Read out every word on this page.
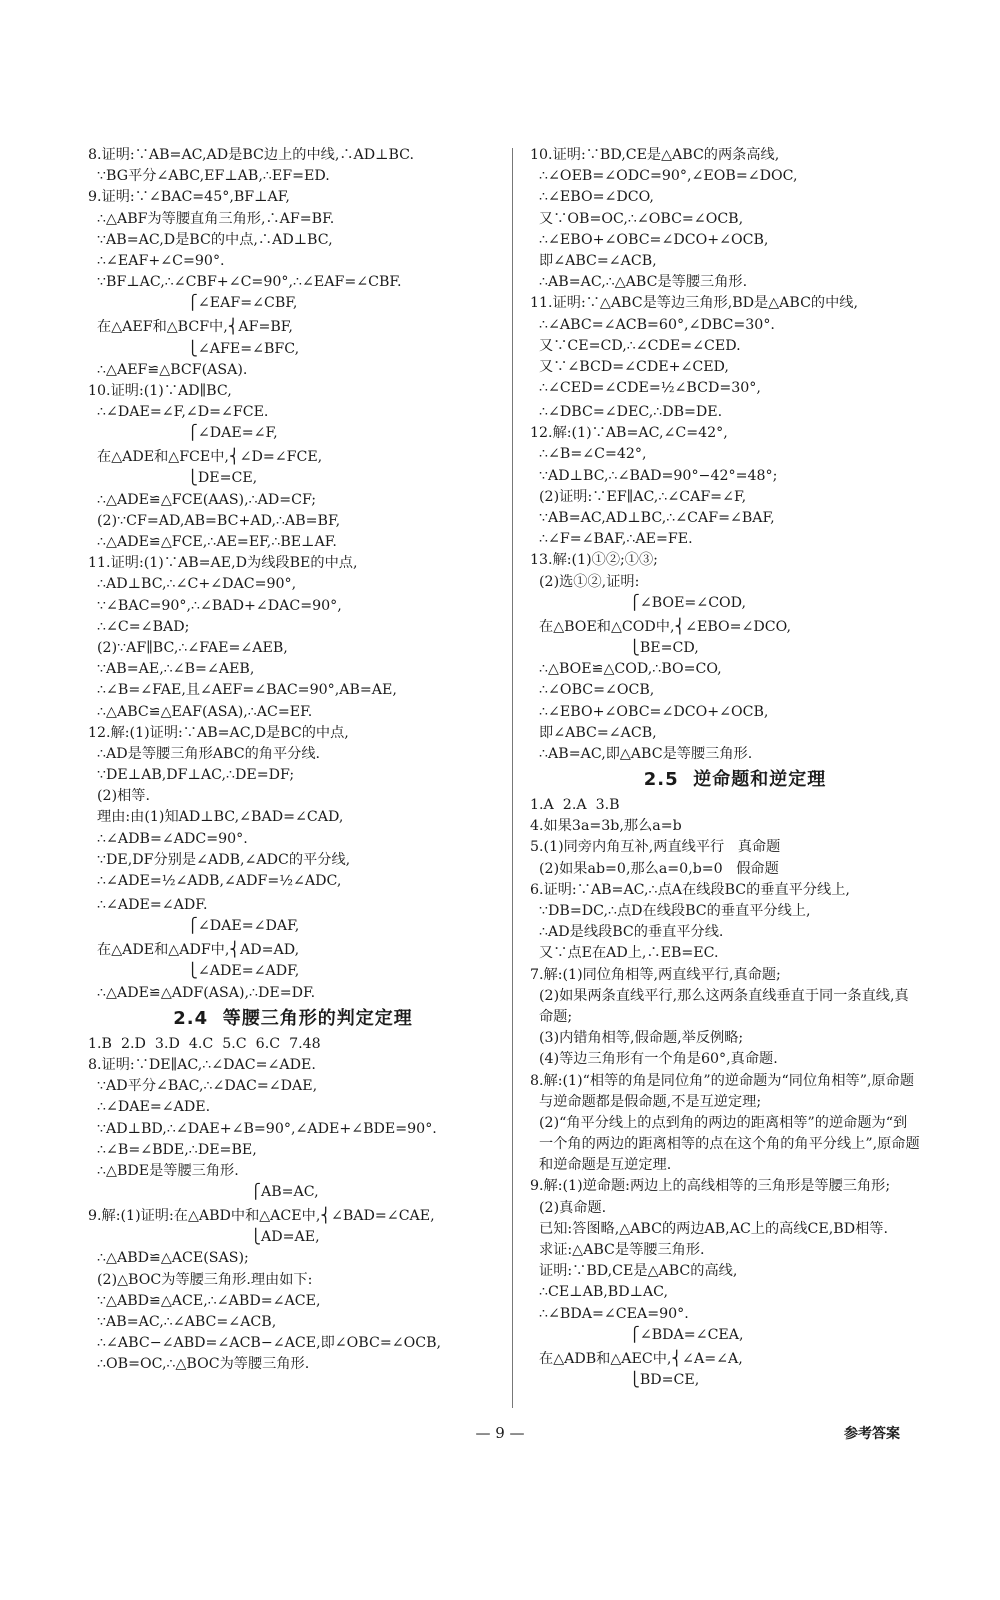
8.证明:∵AB=AC,AD是BC边上的中线,∴AD⊥BC.
∵BG平分∠ABC,EF⊥AB,∴EF=ED.
9.证明:∵∠BAC=45°,BF⊥AF,
∴△ABF为等腰直角三角形,∴AF=BF.
∵AB=AC,D是BC的中点,∴AD⊥BC,
∴∠EAF+∠C=90°.
∵BF⊥AC,∴∠CBF+∠C=90°,∴∠EAF=∠CBF.
⎧∠EAF=∠CBF,
在△AEF和△BCF中,⎨AF=BF,
⎩∠AFE=∠BFC,
∴△AEF≌△BCF(ASA).
10.证明:(1)∵AD∥BC,
∴∠DAE=∠F,∠D=∠FCE.
⎧∠DAE=∠F,
在△ADE和△FCE中,⎨∠D=∠FCE,
⎩DE=CE,
∴△ADE≌△FCE(AAS),∴AD=CF;
(2)∵CF=AD,AB=BC+AD,∴AB=BF,
∴△ADE≌△FCE,∴AE=EF,∴BE⊥AF.
11.证明:(1)∵AB=AE,D为线段BE的中点,
∴AD⊥BC,∴∠C+∠DAC=90°,
∵∠BAC=90°,∴∠BAD+∠DAC=90°,
∴∠C=∠BAD;
(2)∵AF∥BC,∴∠FAE=∠AEB,
∵AB=AE,∴∠B=∠AEB,
∴∠B=∠FAE,且∠AEF=∠BAC=90°,AB=AE,
∴△ABC≌△EAF(ASA),∴AC=EF.
12.解:(1)证明:∵AB=AC,D是BC的中点,
∴AD是等腰三角形ABC的角平分线.
∵DE⊥AB,DF⊥AC,∴DE=DF;
(2)相等.
理由:由(1)知AD⊥BC,∠BAD=∠CAD,
∴∠ADB=∠ADC=90°.
∵DE,DF分别是∠ADB,∠ADC的平分线,
∴∠ADE=½∠ADB,∠ADF=½∠ADC,
∴∠ADE=∠ADF.
⎧∠DAE=∠DAF,
在△ADE和△ADF中,⎨AD=AD,
⎩∠ADE=∠ADF,
∴△ADE≌△ADF(ASA),∴DE=DF.
2.4  等腰三角形的判定定理
1.B  2.D  3.D  4.C  5.C  6.C  7.48
8.证明:∵DE∥AC,∴∠DAC=∠ADE.
∵AD平分∠BAC,∴∠DAC=∠DAE,
∴∠DAE=∠ADE.
∵AD⊥BD,∴∠DAE+∠B=90°,∠ADE+∠BDE=90°.
∴∠B=∠BDE,∴DE=BE,
∴△BDE是等腰三角形.
⎧AB=AC,
9.解:(1)证明:在△ABD中和△ACE中,⎨∠BAD=∠CAE,
⎩AD=AE,
∴△ABD≌△ACE(SAS);
(2)△BOC为等腰三角形.理由如下:
∵△ABD≌△ACE,∴∠ABD=∠ACE,
∵AB=AC,∴∠ABC=∠ACB,
∴∠ABC−∠ABD=∠ACB−∠ACE,即∠OBC=∠OCB,
∴OB=OC,∴△BOC为等腰三角形.
10.证明:∵BD,CE是△ABC的两条高线,
∴∠OEB=∠ODC=90°,∠EOB=∠DOC,
∴∠EBO=∠DCO,
又∵OB=OC,∴∠OBC=∠OCB,
∴∠EBO+∠OBC=∠DCO+∠OCB,
即∠ABC=∠ACB,
∴AB=AC,∴△ABC是等腰三角形.
11.证明:∵△ABC是等边三角形,BD是△ABC的中线,
∴∠ABC=∠ACB=60°,∠DBC=30°.
又∵CE=CD,∴∠CDE=∠CED.
又∵∠BCD=∠CDE+∠CED,
∴∠CED=∠CDE=½∠BCD=30°,
∴∠DBC=∠DEC,∴DB=DE.
12.解:(1)∵AB=AC,∠C=42°,
∴∠B=∠C=42°,
∵AD⊥BC,∴∠BAD=90°−42°=48°;
(2)证明:∵EF∥AC,∴∠CAF=∠F,
∵AB=AC,AD⊥BC,∴∠CAF=∠BAF,
∴∠F=∠BAF,∴AE=FE.
13.解:(1)①②;①③;
(2)选①②,证明:
⎧∠BOE=∠COD,
在△BOE和△COD中,⎨∠EBO=∠DCO,
⎩BE=CD,
∴△BOE≌△COD,∴BO=CO,
∴∠OBC=∠OCB,
∴∠EBO+∠OBC=∠DCO+∠OCB,
即∠ABC=∠ACB,
∴AB=AC,即△ABC是等腰三角形.
2.5  逆命题和逆定理
1.A  2.A  3.B
4.如果3a=3b,那么a=b
5.(1)同旁内角互补,两直线平行   真命题
(2)如果ab=0,那么a=0,b=0   假命题
6.证明:∵AB=AC,∴点A在线段BC的垂直平分线上,
∵DB=DC,∴点D在线段BC的垂直平分线上,
∴AD是线段BC的垂直平分线.
又∵点E在AD上,∴EB=EC.
7.解:(1)同位角相等,两直线平行,真命题;
(2)如果两条直线平行,那么这两条直线垂直于同一条直线,真
命题;
(3)内错角相等,假命题,举反例略;
(4)等边三角形有一个角是60°,真命题.
8.解:(1)“相等的角是同位角”的逆命题为“同位角相等”,原命题
与逆命题都是假命题,不是互逆定理;
(2)“角平分线上的点到角的两边的距离相等”的逆命题为“到
一个角的两边的距离相等的点在这个角的角平分线上”,原命题
和逆命题是互逆定理.
9.解:(1)逆命题:两边上的高线相等的三角形是等腰三角形;
(2)真命题.
已知:答图略,△ABC的两边AB,AC上的高线CE,BD相等.
求证:△ABC是等腰三角形.
证明:∵BD,CE是△ABC的高线,
∴CE⊥AB,BD⊥AC,
∴∠BDA=∠CEA=90°.
⎧∠BDA=∠CEA,
在△ADB和△AEC中,⎨∠A=∠A,
⎩BD=CE,
— 9 —	参考答案
